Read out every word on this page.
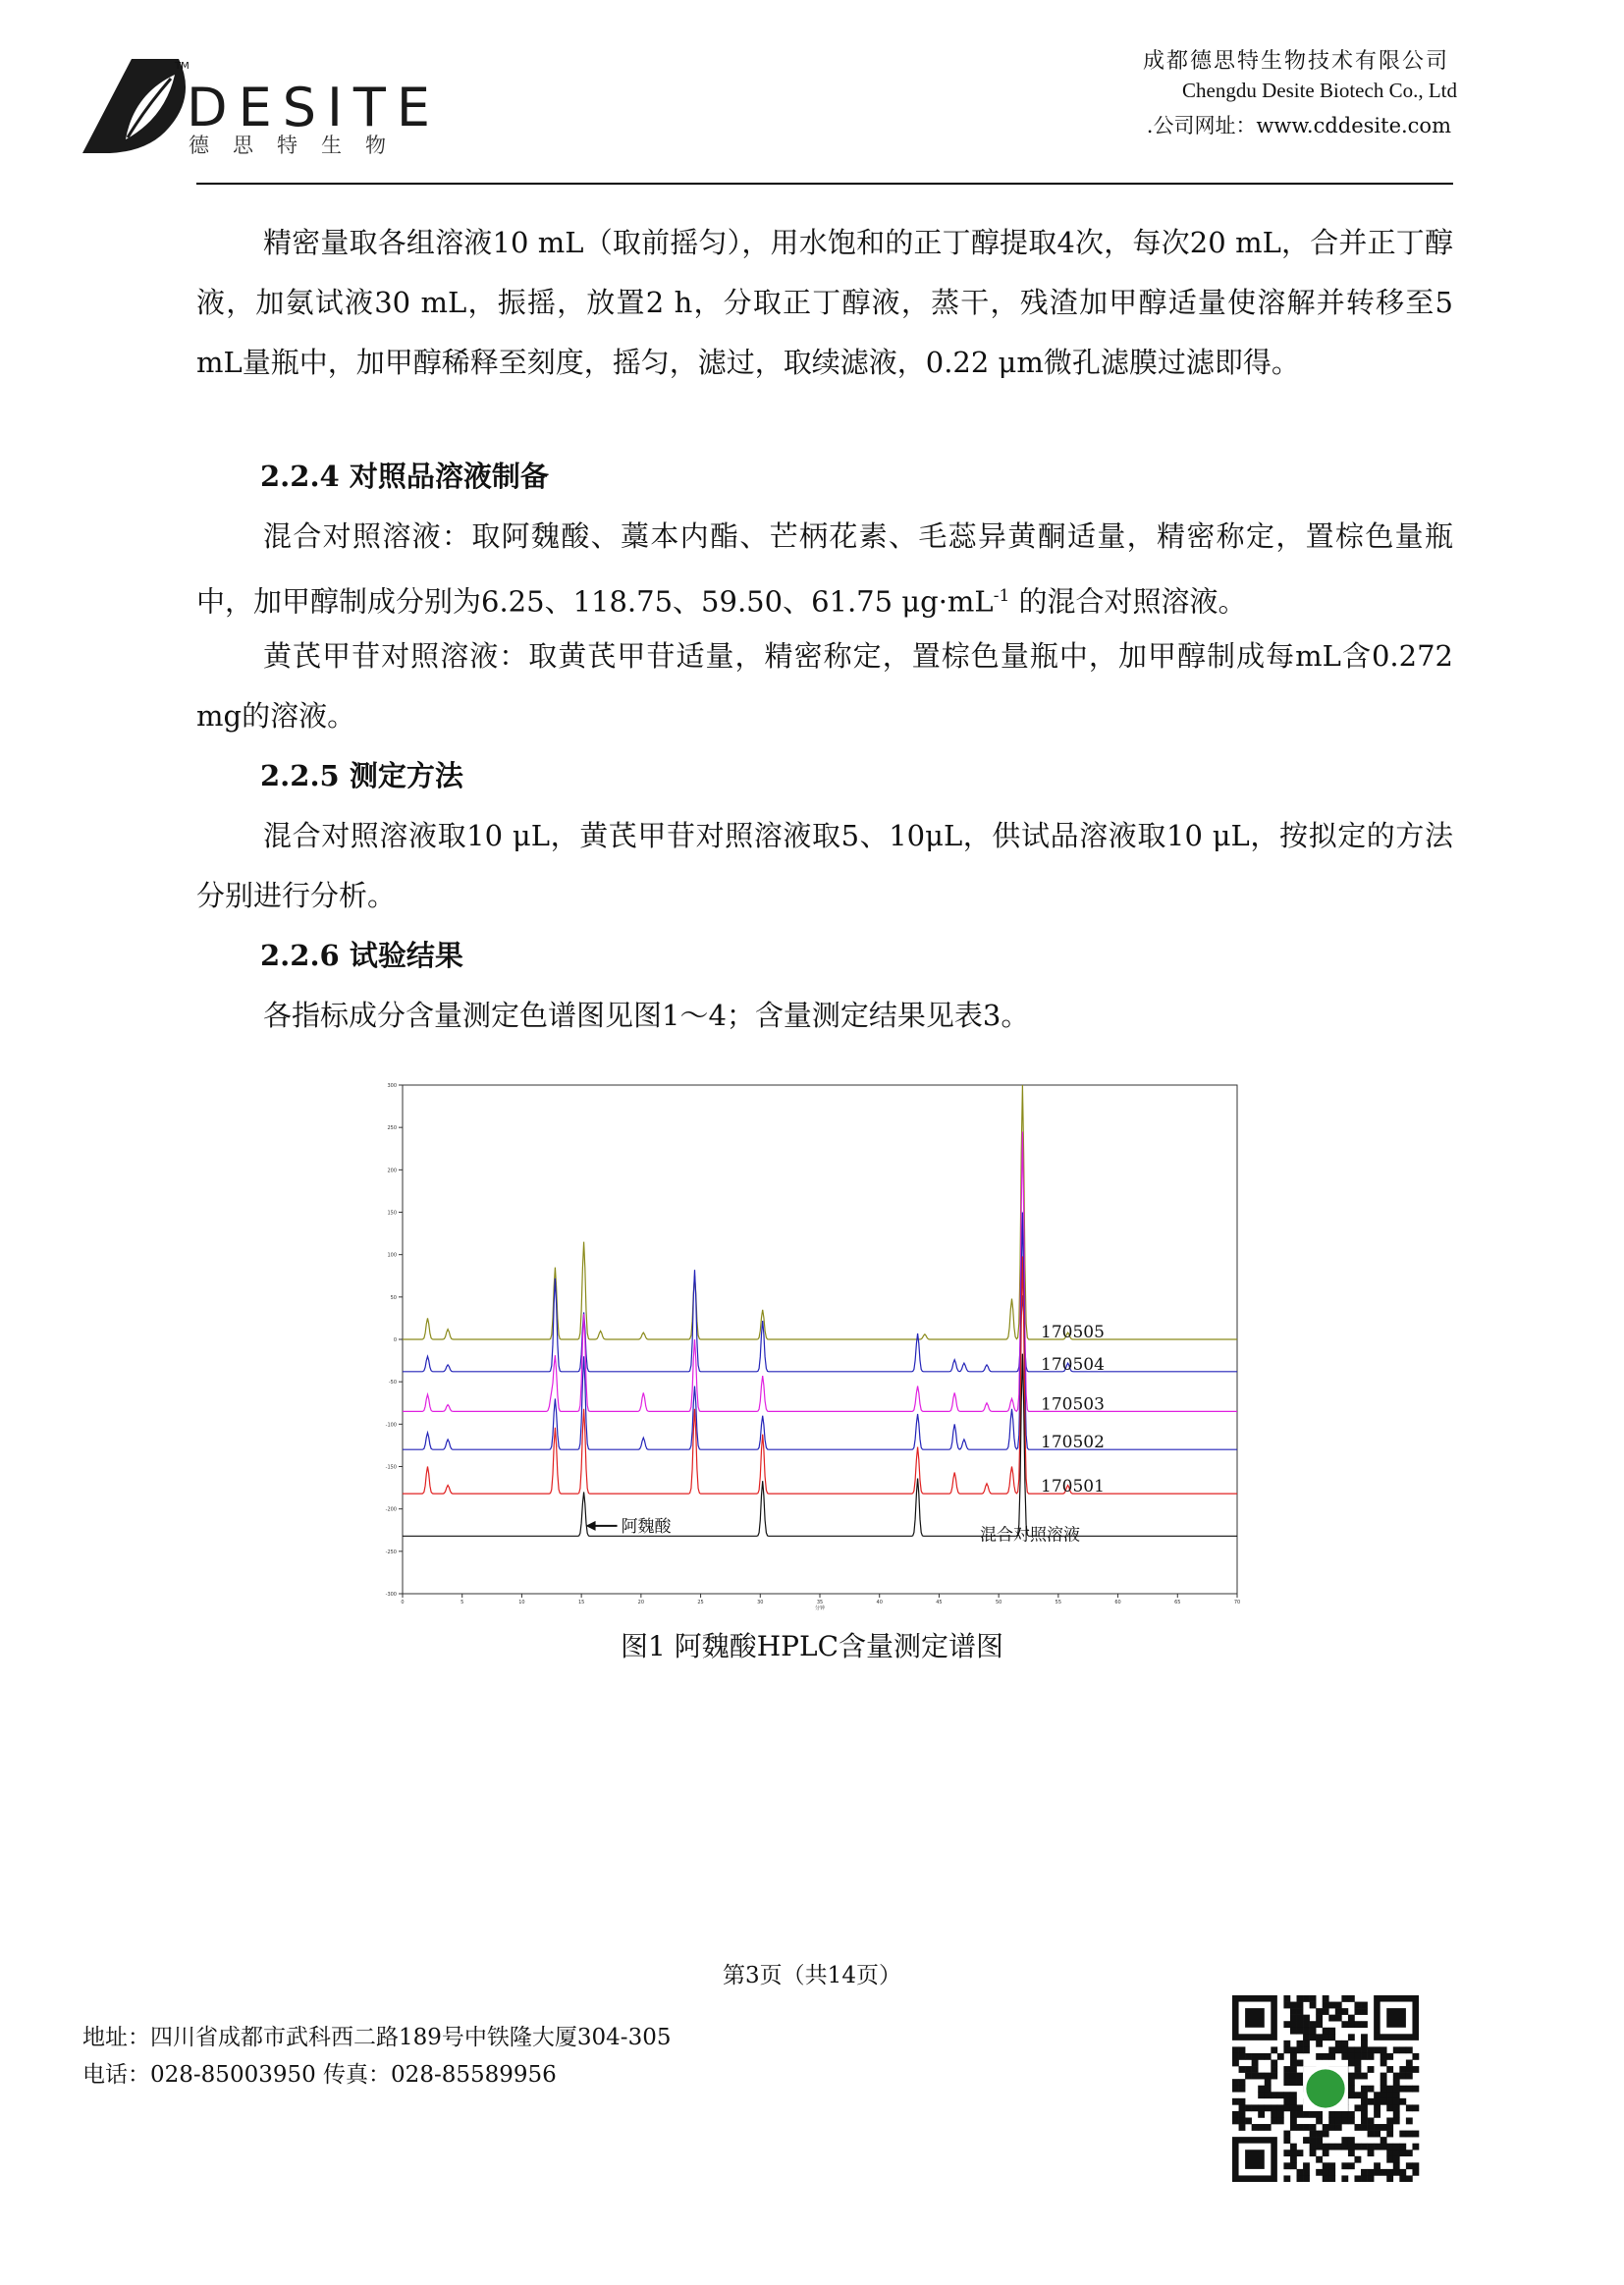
DESITE
TM
德思特生物
成都德思特生物技术有限公司
Chengdu Desite Biotech Co., Ltd
.公司网址：www.cddesite.com

精密量取各组溶液10 mL（取前摇匀），用水饱和的正丁醇提取4次，每次20 mL，合并正丁醇液，加氨试液30 mL，振摇，放置2 h，分取正丁醇液，蒸干，残渣加甲醇适量使溶解并转移至5 mL量瓶中，加甲醇稀释至刻度，摇匀，滤过，取续滤液，0.22 μm微孔滤膜过滤即得。

2.2.4 对照品溶液制备

混合对照溶液：取阿魏酸、藁本内酯、芒柄花素、毛蕊异黄酮适量，精密称定，置棕色量瓶中，加甲醇制成分别为6.25、118.75、59.50、61.75 $\mu g\cdot mL^{-1}$ 的混合对照溶液。

黄芪甲苷对照溶液：取黄芪甲苷适量，精密称定，置棕色量瓶中，加甲醇制成每mL含0.272 mg的溶液。

2.2.5 测定方法

混合对照溶液取10 μL，黄芪甲苷对照溶液取5、10μL，供试品溶液取10 μL，按拟定的方法分别进行分析。

2.2.6 试验结果

各指标成分含量测定色谱图见图1～4；含量测定结果见表3。

-300
-250
-200
-150
-100
-50
0
50
100
150
200
250
300
0	5	10	15	20	25	30	35	40	45	50	55	60	65	70
分钟
170505
170504
170503
170502
170501
混合对照溶液
阿魏酸
图1 阿魏酸HPLC含量测定谱图
第3页（共14页）
地址：四川省成都市武科西二路189号中铁隆大厦304-305
电话：028-85003950 传真：028-85589956
